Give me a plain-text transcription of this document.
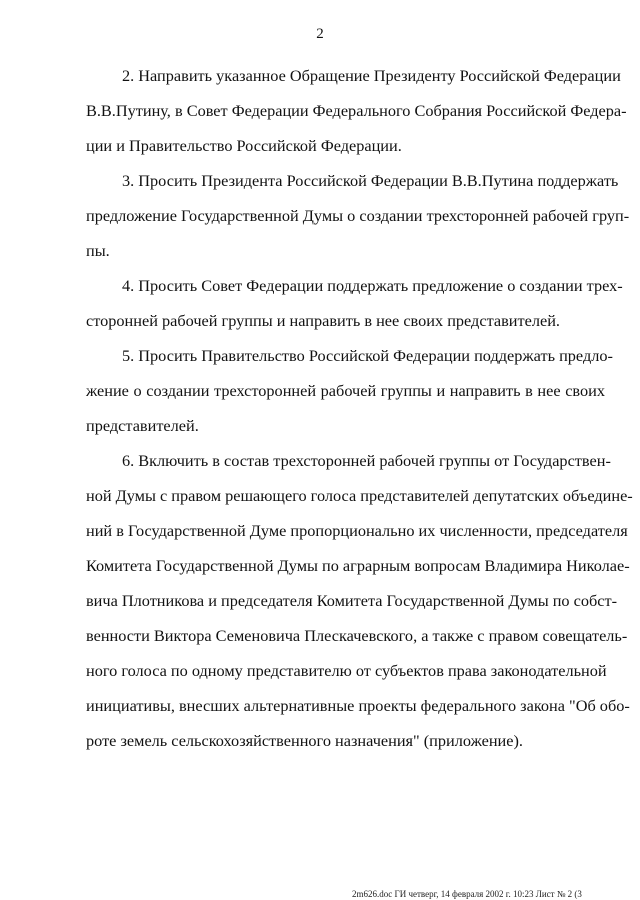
2
2. Направить указанное Обращение Президенту Российской Федерации
В.В.Путину, в Совет Федерации Федерального Собрания Российской Федера-
ции и Правительство Российской Федерации.
3. Просить Президента Российской Федерации В.В.Путина поддержать
предложение Государственной Думы о создании трехсторонней рабочей груп-
пы.
4. Просить Совет Федерации поддержать предложение о создании трех-
сторонней рабочей группы и направить в нее своих представителей.
5. Просить Правительство Российской Федерации поддержать предло-
жение о создании трехсторонней рабочей группы и направить в нее своих
представителей.
6. Включить в состав трехсторонней рабочей группы от Государствен-
ной Думы с правом решающего голоса представителей депутатских объедине-
ний в Государственной Думе пропорционально их численности, председателя
Комитета Государственной Думы по аграрным вопросам Владимира Николае-
вича Плотникова и председателя Комитета Государственной Думы по собст-
венности Виктора Семеновича Плескачевского, а также с правом совещатель-
ного голоса по одному представителю от субъектов права законодательной
инициативы, внесших альтернативные проекты федерального закона "Об обо-
роте земель сельскохозяйственного назначения" (приложение).
2m626.doc ГИ четверг, 14 февраля 2002 г. 10:23 Лист № 2 (3
